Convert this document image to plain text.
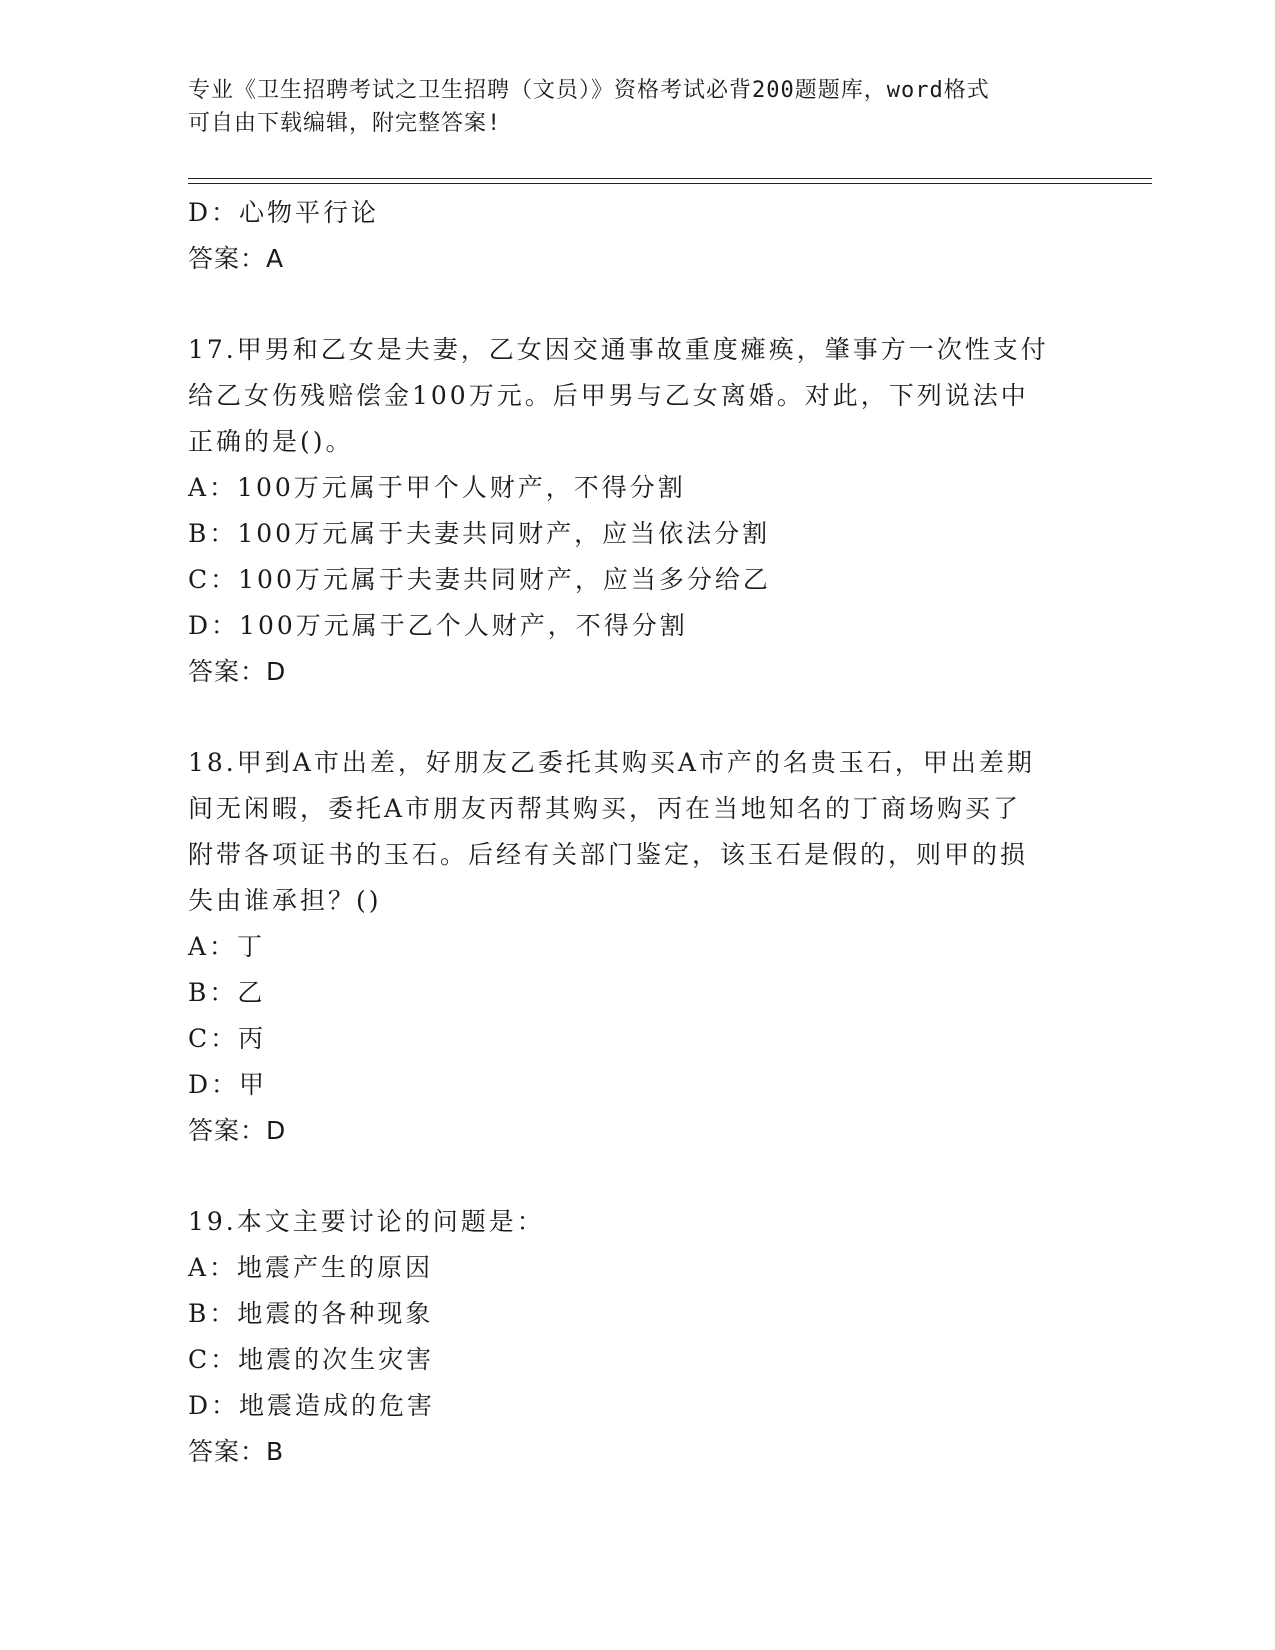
专业《卫生招聘考试之卫生招聘（文员）》资格考试必背200题题库，word格式
可自由下载编辑，附完整答案!
D：心物平行论
答案：A
17.甲男和乙女是夫妻，乙女因交通事故重度瘫痪，肇事方一次性支付
给乙女伤残赔偿金100万元。后甲男与乙女离婚。对此，下列说法中
正确的是()。
A：100万元属于甲个人财产，不得分割
B：100万元属于夫妻共同财产，应当依法分割
C：100万元属于夫妻共同财产，应当多分给乙
D：100万元属于乙个人财产，不得分割
答案：D
18.甲到A市出差，好朋友乙委托其购买A市产的名贵玉石，甲出差期
间无闲暇，委托A市朋友丙帮其购买，丙在当地知名的丁商场购买了
附带各项证书的玉石。后经有关部门鉴定，该玉石是假的，则甲的损
失由谁承担？()
A：丁
B：乙
C：丙
D：甲
答案：D
19.本文主要讨论的问题是：
A：地震产生的原因
B：地震的各种现象
C：地震的次生灾害
D：地震造成的危害
答案：B
